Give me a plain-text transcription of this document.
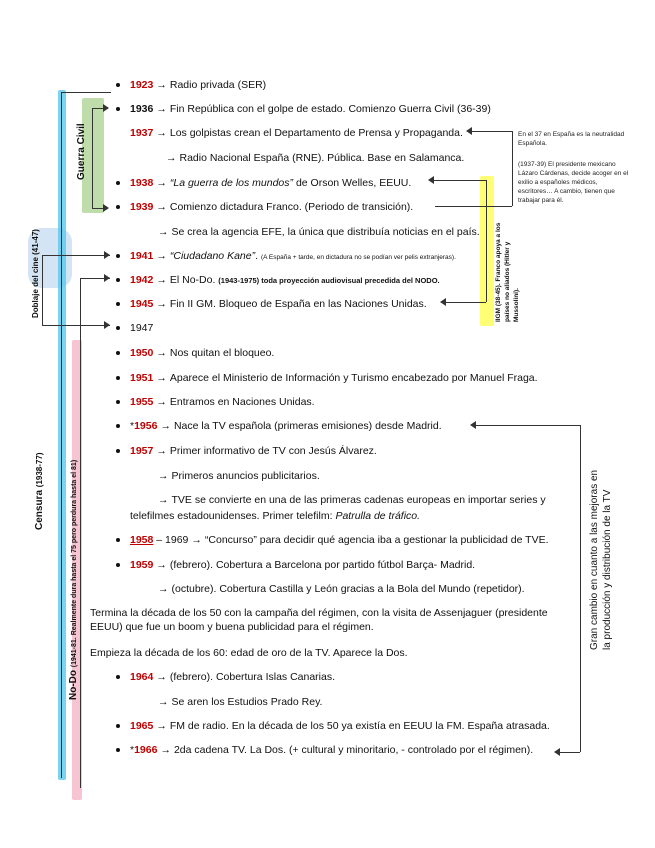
Guerra Civil
Doblaje del cine (41-47)
Censura (1938-77)
No-Do (1941-81. Realmente dura hasta el 75 pero perdura hasta el 81)
IIGM (38-45). Franco apoya a los países no aliados (Hitler y Mussolini).
Gran cambio en cuanto a las mejoras en la producción y distribución de la TV
En el 37 en España es la neutralidad Española.
(1937-39) El presidente mexicano Lázaro Cárdenas, decide acoger en el exilio a españoles médicos, escritores… A cambio, tienen que trabajar para él.
1923 → Radio privada (SER)
1936 → Fin República con el golpe de estado. Comienzo Guerra Civil (36-39)
1937 → Los golpistas crean el Departamento de Prensa y Propaganda.
→ Radio Nacional España (RNE). Pública. Base en Salamanca.
1938 → “La guerra de los mundos” de Orson Welles, EEUU.
1939 → Comienzo dictadura Franco. (Periodo de transición).
→ Se crea la agencia EFE, la única que distribuía noticias en el país.
1941 → “Ciudadano Kane”. (A España + tarde, en dictadura no se podían ver pelis extranjeras).
1942 → El No-Do. (1943-1975) toda proyección audiovisual precedida del NODO.
1945 → Fin II GM. Bloqueo de España en las Naciones Unidas.
1947
1950 → Nos quitan el bloqueo.
1951 → Aparece el Ministerio de Información y Turismo encabezado por Manuel Fraga.
1955 → Entramos en Naciones Unidas.
*1956 → Nace la TV española (primeras emisiones) desde Madrid.
1957 → Primer informativo de TV con Jesús Álvarez.
→ Primeros anuncios publicitarios.
→ TVE se convierte en una de las primeras cadenas europeas en importar series y
telefilmes estadounidenses. Primer telefilm: Patrulla de tráfico.
1958 – 1969 → “Concurso” para decidir qué agencia iba a gestionar la publicidad de TVE.
1959 → (febrero). Cobertura a Barcelona por partido fútbol Barça- Madrid.
→ (octubre). Cobertura Castilla y León gracias a la Bola del Mundo (repetidor).
Termina la década de los 50 con la campaña del régimen, con la visita de Assenjaguer (presidente
EEUU) que fue un boom y buena publicidad para el régimen.
Empieza la década de los 60: edad de oro de la TV. Aparece la Dos.
1964 → (febrero). Cobertura Islas Canarias.
→ Se aren los Estudios Prado Rey.
1965 → FM de radio. En la década de los 50 ya existía en EEUU la FM. España atrasada.
*1966 → 2da cadena TV. La Dos. (+ cultural y minoritario, - controlado por el régimen).
